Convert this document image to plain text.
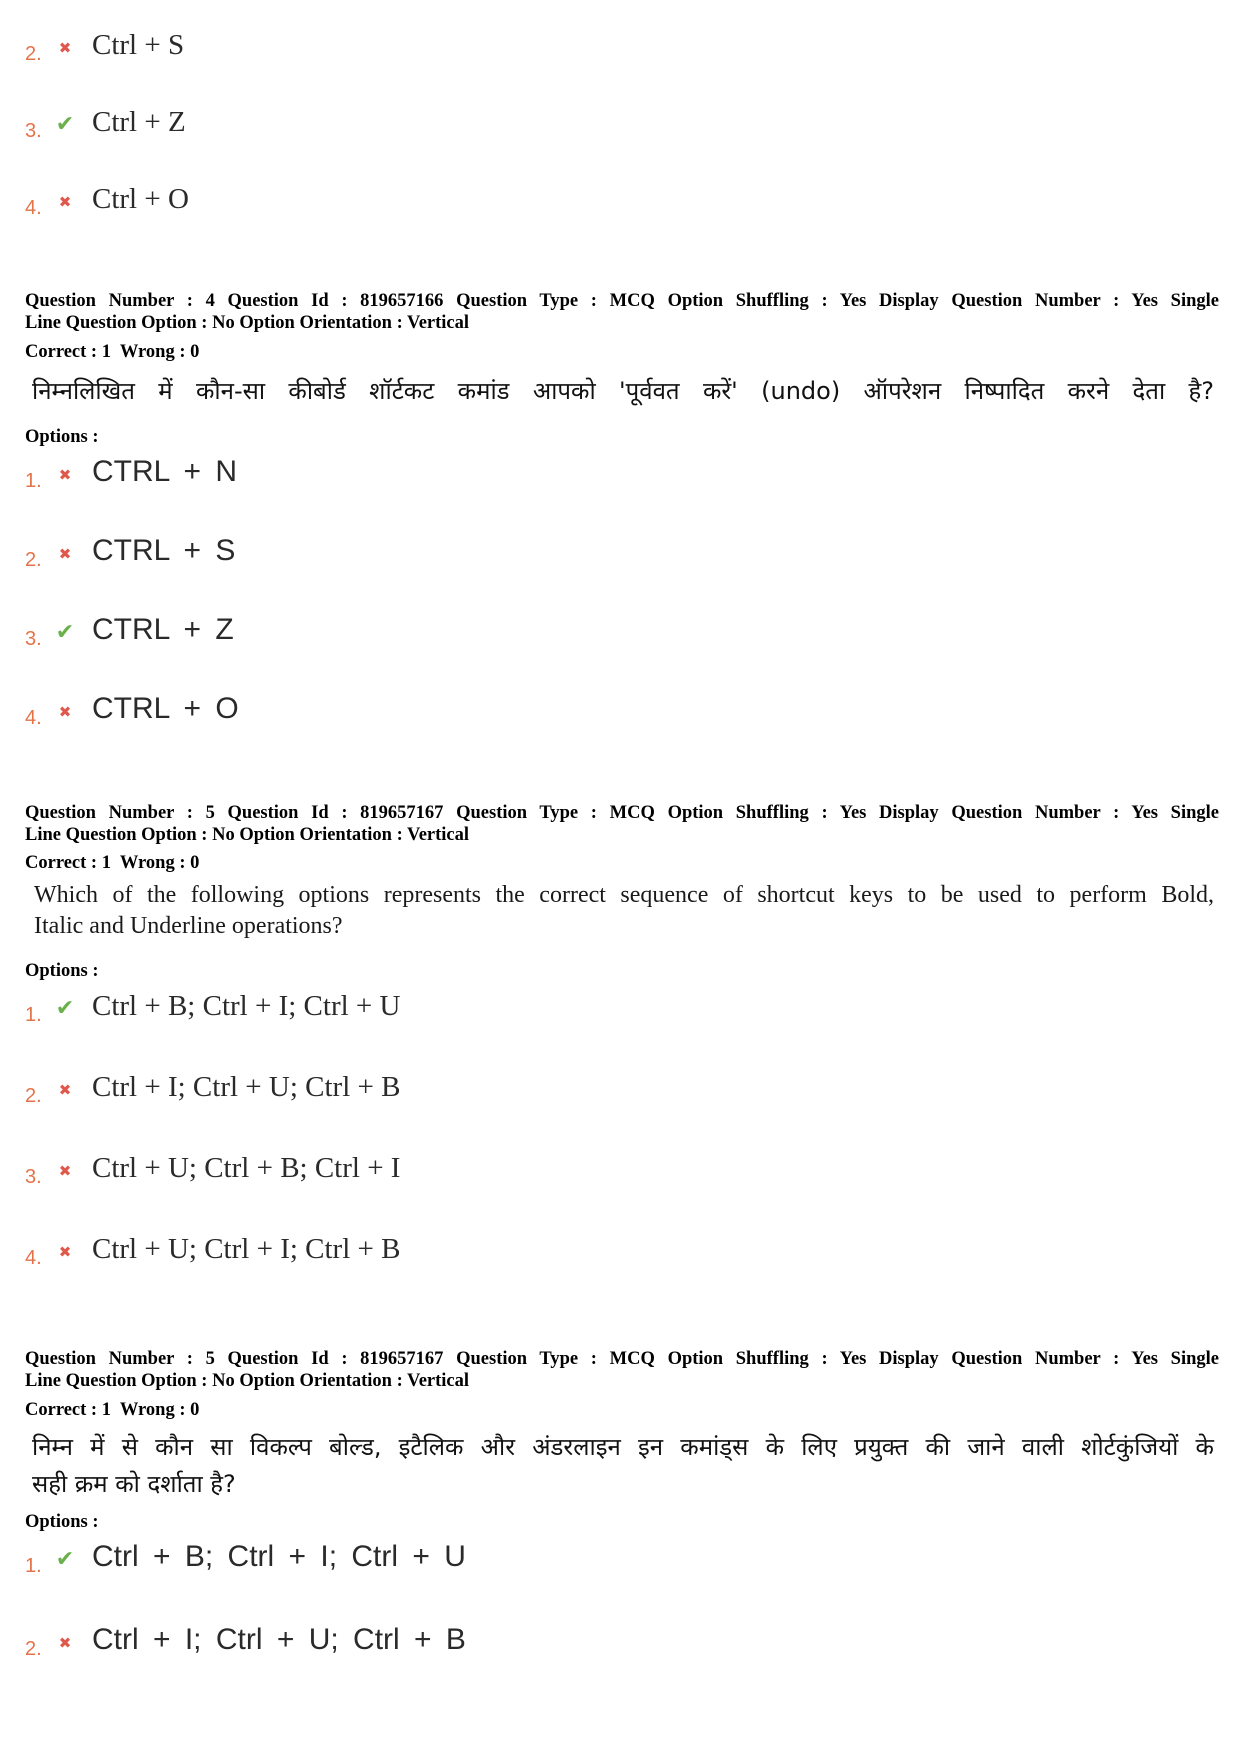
2. ✖ Ctrl + S
3. ✔ Ctrl + Z
4. ✖ Ctrl + O
Question Number : 4 Question Id : 819657166 Question Type : MCQ Option Shuffling : Yes Display Question Number : Yes Single
Line Question Option : No Option Orientation : Vertical
Correct : 1  Wrong : 0
निम्नलिखित में कौन-सा कीबोर्ड शॉर्टकट कमांड आपको 'पूर्ववत करें' (undo) ऑपरेशन निष्पादित करने देता है?
Options :
1. ✖ CTRL + N
2. ✖ CTRL + S
3. ✔ CTRL + Z
4. ✖ CTRL + O
Question Number : 5 Question Id : 819657167 Question Type : MCQ Option Shuffling : Yes Display Question Number : Yes Single
Line Question Option : No Option Orientation : Vertical
Correct : 1  Wrong : 0
Which of the following options represents the correct sequence of shortcut keys to be used to perform Bold,
Italic and Underline operations?
Options :
1. ✔ Ctrl + B; Ctrl + I; Ctrl + U
2. ✖ Ctrl + I; Ctrl + U; Ctrl + B
3. ✖ Ctrl + U; Ctrl + B; Ctrl + I
4. ✖ Ctrl + U; Ctrl + I; Ctrl + B
Question Number : 5 Question Id : 819657167 Question Type : MCQ Option Shuffling : Yes Display Question Number : Yes Single
Line Question Option : No Option Orientation : Vertical
Correct : 1  Wrong : 0
निम्न में से कौन सा विकल्प बोल्ड, इटैलिक और अंडरलाइन इन कमांड्स के लिए प्रयुक्त की जाने वाली शोर्टकुंजियों के
सही क्रम को दर्शाता है?
Options :
1. ✔ Ctrl + B; Ctrl + I; Ctrl + U
2. ✖ Ctrl + I; Ctrl + U; Ctrl + B
